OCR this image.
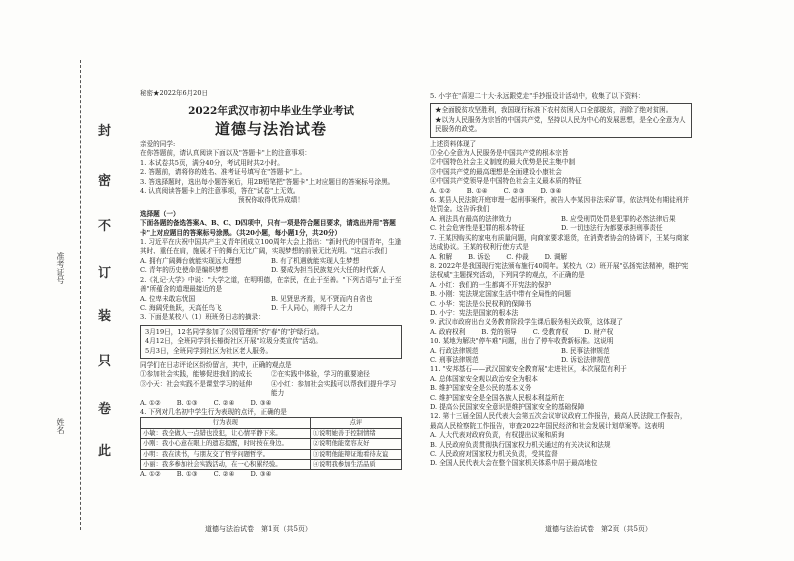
封
密
不
订
装
只
卷
此
准考证号
姓名
秘密★2022年6月20日
2022年武汉市初中毕业生学业考试
道德与法治试卷

亲爱的同学:

在你答题前，请认真阅读下面以及"答题卡"上的注意事项：

1. 本试卷共5页，满分40分，考试用时共2小时。

2. 答题前，请将你的姓名、准考证号填写在"答题卡"上。

3. 答选择题时，选出每小题答案后，用2B铅笔把"答题卡"上对应题目的答案标号涂黑。

4. 认真阅读答题卡上的注意事项，答在"试卷"上无效。

预祝你取得优异成绩！

选择题（一）

下面各题的备选答案A、B、C、D四项中，只有一项是符合题目要求，请选出并用"答题卡"上对应题目的答案标号涂黑。（共20小题，每小题1分，共20分）

1. 习近平在庆祝中国共产主义青年团成立100周年大会上指出："新时代的中国青年，生逢其时、重任在肩，施展才干的舞台无比广阔，实现梦想的前景无比光明。"这启示我们

A. 拥有广阔舞台就能实现远大理想	B. 有了机遇就能实现人生梦想
C. 青年的历史使命是编织梦想	D. 要成为担当民族复兴大任的时代新人

2.《礼记·大学》中说："大学之道，在明明德，在亲民，在止于至善。"下列古语与"止于至善"所蕴含的道理最接近的是

A. 位卑未敢忘忧国	B. 见贤思齐焉，见不贤而内自省也
C. 海阔凭鱼跃，天高任鸟飞	D. 千人同心，则得千人之力

3. 下面是某校八（1）班班务日志的摘录：

3月19日，12名同学参加了公园管理所"约"春"的"护绿行动。

4月12日，全班同学到长椿街社区开展"垃圾分类宣传"活动。

5月3日，全班同学到社区为社区老人服务。

同学们在日志评论区纷纷留言，其中，正确的观点是

①参加社会实践，能够促进我们的成长	②在实践中体验，学习的重要途径
③小天：社会实践不是课堂学习的延伸	④小红：参加社会实践可以帮我们提升学习能力
A. ①② B. ①③ C. ②④ D. ③④

4. 下列对几名初中学生行为表现的点评，正确的是

行为表现	点评
小敏：我全做人一点错也没犯，让心情平静下来。	①说明她善于控制情绪
小刚：我小心意在眼上的遗忘提醒，时时按在身边。	②说明他能宽容友好
小明：我在读书，与朋友交了哲学问题哲学。	③说明他能辩证地看待友谊
小丽：我多参加社会实践活动，在一心积累经验。	④说明我参加生活品质
A. ①② B. ①③ C. ②④ D. ③④

5. 小宇在"喜迎二十大·永远跟党走"手抄报设计活动中，收集了以下资料：

★全面脱贫攻坚胜利，我国现行标准下农村贫困人口全部脱贫，消除了绝对贫困。

★以为人民服务为宗旨的中国共产党，坚持以人民为中心的发展思想，是全心全意为人民服务的政党。

上述资料体现了

①全心全意为人民服务是中国共产党的根本宗旨

②中国特色社会主义制度的最大优势是民主集中制

③中国共产党的最高理想是全面建设小康社会

④中国共产党领导是中国特色社会主义最本质的特征

A. ①② B. ①④ C. ②③ D. ③④

6. 某县人民法院开庭审理一起刑事案件，被告人李某因非法采矿罪，依法判处有期徒刑并处罚金。这告诉我们

A. 刑法具有最高的法律效力	B. 应受刑罚处罚是犯罪的必然法律后果
C. 社会危害性是犯罪的根本特征	D. 一切违法行为都要承担刑事责任

7. 王某因购买的家电有质量问题，向商家要求退货，在消费者协会的协调下，王某与商家达成协议。王某的权利行使方式是

A. 和解 B. 诉讼 C. 仲裁 D. 调解

8. 2022年是我国现行宪法颁布施行40周年。某校九（2）班开展"弘扬宪法精神，维护宪法权威"主题探究活动，下列同学的观点，不正确的是

A. 小红：我们的一生都离不开宪法的保护

B. 小刚：宪法规定国家生活中带有全局性的问题

C. 小华：宪法是公民权利的保障书

D. 小宁：宪法是国家的根本法

9. 武汉市政府出台义务教育阶段学生课后服务相关政策，这体现了

A. 政府权利 B. 党的领导 C. 受教育权 D. 财产权

10. 某地为解决"停车难"问题，出台了停车收费新标准。这说明

A. 行政法律规范	B. 民事法律规范
C. 刑事法律规范	D. 诉讼法律规范

11. "安邦基石——武汉国家安全教育展"走进社区，本次展览有利于

A. 总体国家安全观以政治安全为根本

B. 维护国家安全是公民的基本义务

C. 维护国家安全是全国各族人民根本利益所在

D. 提高公民国家安全意识是维护国家安全的基础保障

12. 第十三届全国人民代表大会第五次会议审议政府工作报告，最高人民法院工作报告，最高人民检察院工作报告，审查2022年国民经济和社会发展计划草案等。这表明

A. 人大代表对政府负责，有权提出议案和质询

B. 人民政府负责贯彻执行国家权力机关通过的有关决议和法规

C. 人民政府对国家权力机关负责，受其监督

D. 全国人民代表大会在整个国家机关体系中居于最高地位

道德与法治试卷　第1页（共5页）	道德与法治试卷　第2页（共5页）
